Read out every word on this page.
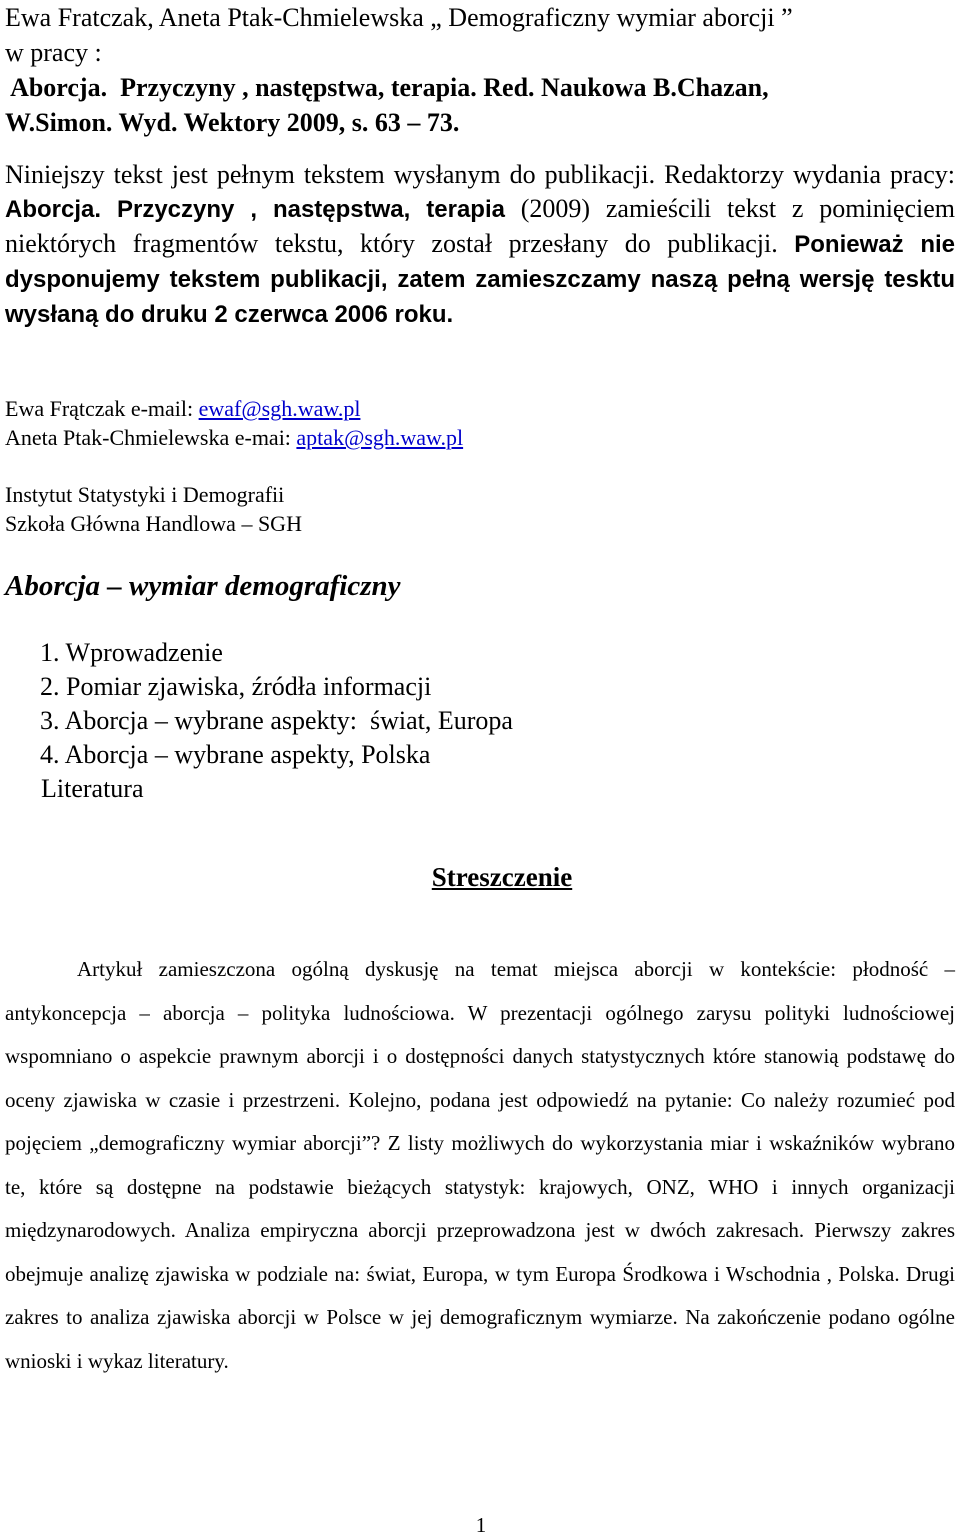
Ewa Fratczak, Aneta Ptak-Chmielewska „ Demograficzny wymiar aborcji ”
w pracy :
Aborcja.  Przyczyny , następstwa, terapia. Red. Naukowa B.Chazan,
W.Simon. Wyd. Wektory 2009, s. 63 – 73.
Niniejszy tekst jest pełnym tekstem wysłanym do publikacji. Redaktorzy wydania pracy: Aborcja. Przyczyny , następstwa, terapia (2009) zamieścili tekst z pominięciem niektórych fragmentów tekstu, który został przesłany do publikacji. Ponieważ nie dysponujemy tekstem publikacji, zatem zamieszczamy naszą pełną wersję tesktu wysłaną do druku 2 czerwca 2006 roku.
Ewa Frątczak e-mail: ewaf@sgh.waw.pl
Aneta Ptak-Chmielewska e-mai: aptak@sgh.waw.pl
Instytut Statystyki i Demografii
Szkoła Główna Handlowa – SGH
Aborcja – wymiar demograficzny
1. Wprowadzenie
2. Pomiar zjawiska, źródła informacji
3. Aborcja – wybrane aspekty:  świat, Europa
4. Aborcja – wybrane aspekty, Polska
Literatura
Streszczenie

Artykuł zamieszczona ogólną dyskusję na temat miejsca aborcji w kontekście: płodność – antykoncepcja – aborcja – polityka ludnościowa. W prezentacji ogólnego zarysu polityki ludnościowej wspomniano o aspekcie prawnym aborcji i o dostępności danych statystycznych które stanowią podstawę do oceny zjawiska w czasie i przestrzeni. Kolejno, podana jest odpowiedź na pytanie: Co należy rozumieć pod pojęciem „demograficzny wymiar aborcji”? Z listy możliwych do wykorzystania miar i wskaźników wybrano te, które są dostępne na podstawie bieżących statystyk: krajowych, ONZ, WHO i innych organizacji międzynarodowych. Analiza empiryczna aborcji przeprowadzona jest w dwóch zakresach. Pierwszy zakres obejmuje analizę zjawiska w podziale na: świat, Europa, w tym Europa Środkowa i Wschodnia , Polska. Drugi zakres to analiza zjawiska aborcji w Polsce w jej demograficznym wymiarze. Na zakończenie podano ogólne wnioski i wykaz literatury.

1
